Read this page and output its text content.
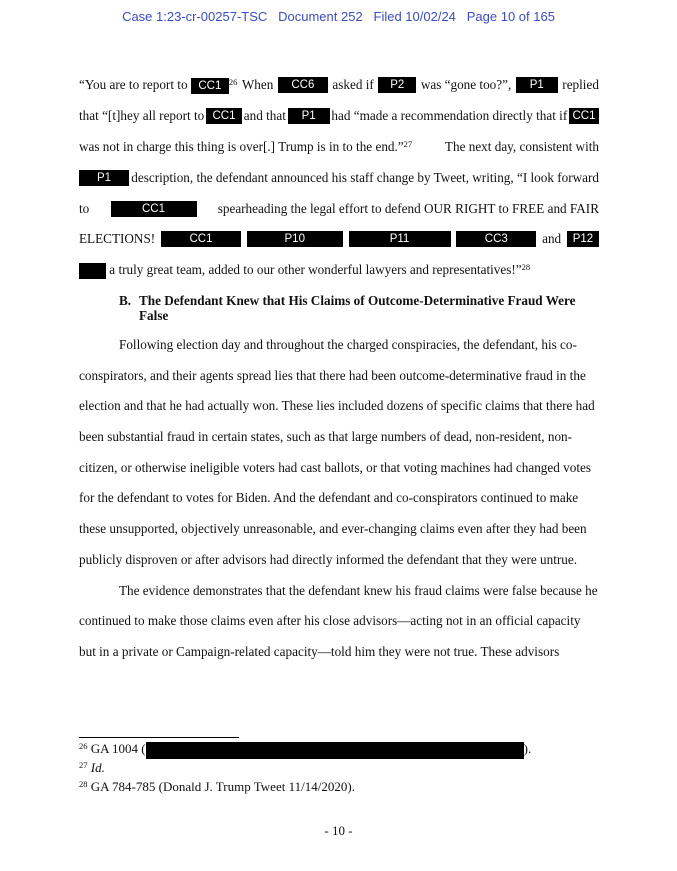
Case 1:23-cr-00257-TSC   Document 252   Filed 10/02/24   Page 10 of 165
“You are to report to CC1 $^{26}$ When	CC6	asked if	P2	was “gone too?”,	P1	replied
that “[t]hey all report to CC1 and that	P1	had “made a recommendation directly that if CC1
was not in charge this thing is over[.] Trump is in to the end.”$^{27}$ The next day, consistent with
P1	description, the defendant announced his staff change by Tweet, writing, “I look forward
to	CC1	spearheading the legal effort to defend OUR RIGHT to FREE and FAIR
ELECTIONS!	CC1	P10	P11	CC3	and	P12
a truly great team, added to our other wonderful lawyers and representatives!”$^{28}$
B. The Defendant Knew that His Claims of Outcome-Determinative Fraud Were False
Following election day and throughout the charged conspiracies, the defendant, his co-
conspirators, and their agents spread lies that there had been outcome-determinative fraud in the
election and that he had actually won. These lies included dozens of specific claims that there had
been substantial fraud in certain states, such as that large numbers of dead, non-resident, non-
citizen, or otherwise ineligible voters had cast ballots, or that voting machines had changed votes
for the defendant to votes for Biden. And the defendant and co-conspirators continued to make
these unsupported, objectively unreasonable, and ever-changing claims even after they had been
publicly disproven or after advisors had directly informed the defendant that they were untrue.
The evidence demonstrates that the defendant knew his fraud claims were false because he
continued to make those claims even after his close advisors—acting not in an official capacity
but in a private or Campaign-related capacity—told him they were not true. These advisors
$^{26}$ GA 1004 (	).
$^{27}$ Id.
$^{28}$ GA 784-785 (Donald J. Trump Tweet 11/14/2020).
- 10 -
